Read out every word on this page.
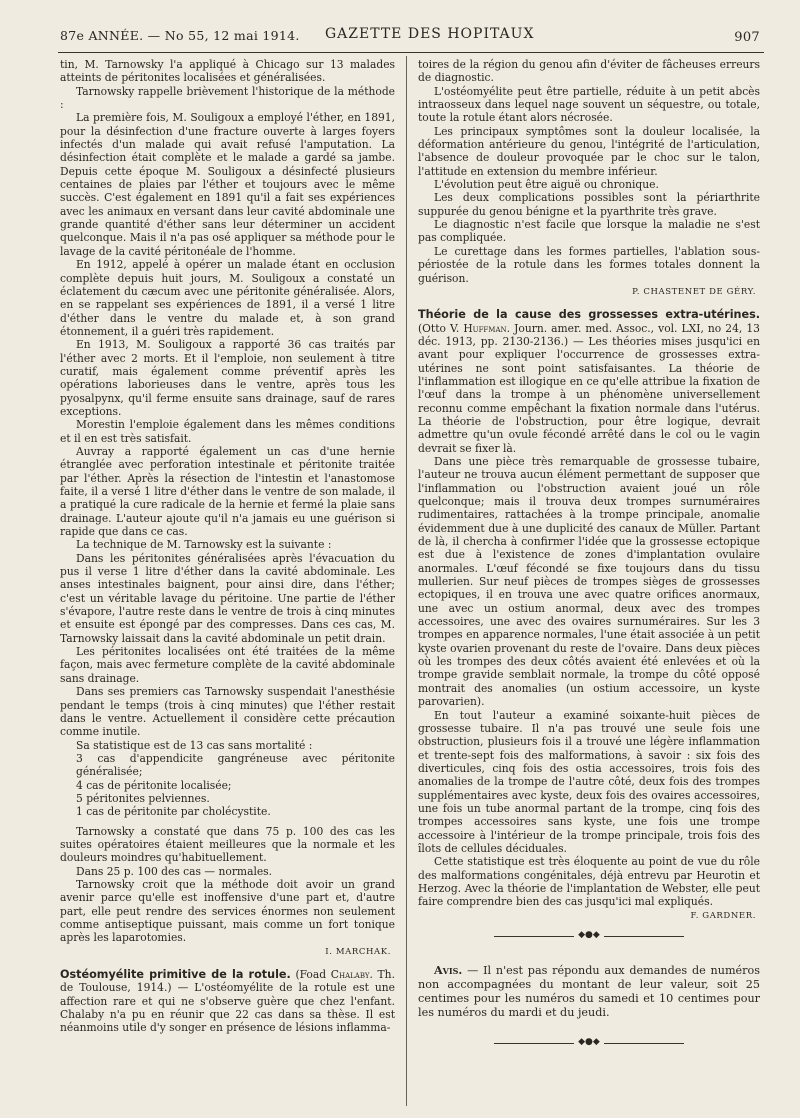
87e ANNÉE. — No 55, 12 mai 1914. GAZETTE DES HOPITAUX	907

tin, M. Tarnowsky l'a appliqué à Chicago sur 13 malades atteints de péritonites localisées et généralisées.

Tarnowsky rappelle brièvement l'historique de la méthode :

La première fois, M. Souligoux a employé l'éther, en 1891, pour la désinfection d'une fracture ouverte à larges foyers infectés d'un malade qui avait refusé l'amputation. La désinfection était complète et le malade a gardé sa jambe. Depuis cette époque M. Souligoux a désinfecté plusieurs centaines de plaies par l'éther et toujours avec le même succès. C'est également en 1891 qu'il a fait ses expériences avec les animaux en versant dans leur cavité abdominale une grande quantité d'éther sans leur déterminer un accident quelconque. Mais il n'a pas osé appliquer sa méthode pour le lavage de la cavité péritonéale de l'homme.

En 1912, appelé à opérer un malade étant en occlusion complète depuis huit jours, M. Souligoux a constaté un éclatement du cæcum avec une péritonite généralisée. Alors, en se rappelant ses expériences de 1891, il a versé 1 litre d'éther dans le ventre du malade et, à son grand étonnement, il a guéri très rapidement.

En 1913, M. Souligoux a rapporté 36 cas traités par l'éther avec 2 morts. Et il l'emploie, non seulement à titre curatif, mais également comme préventif après les opérations laborieuses dans le ventre, après tous les pyosalpynx, qu'il ferme ensuite sans drainage, sauf de rares exceptions.

Morestin l'emploie également dans les mêmes conditions et il en est très satisfait.

Auvray a rapporté également un cas d'une hernie étranglée avec perforation intestinale et péritonite traitée par l'éther. Après la résection de l'intestin et l'anastomose faite, il a versé 1 litre d'éther dans le ventre de son malade, il a pratiqué la cure radicale de la hernie et fermé la plaie sans drainage. L'auteur ajoute qu'il n'a jamais eu une guérison si rapide que dans ce cas.

La technique de M. Tarnowsky est la suivante :

Dans les péritonites généralisées après l'évacuation du pus il verse 1 litre d'éther dans la cavité abdominale. Les anses intestinales baignent, pour ainsi dire, dans l'éther; c'est un véritable lavage du péritoine. Une partie de l'éther s'évapore, l'autre reste dans le ventre de trois à cinq minutes et ensuite est épongé par des compresses. Dans ces cas, M. Tarnowsky laissait dans la cavité abdominale un petit drain.

Les péritonites localisées ont été traitées de la même façon, mais avec fermeture complète de la cavité abdominale sans drainage.

Dans ses premiers cas Tarnowsky suspendait l'anesthésie pendant le temps (trois à cinq minutes) que l'éther restait dans le ventre. Actuellement il considère cette précaution comme inutile.

Sa statistique est de 13 cas sans mortalité :

3 cas d'appendicite gangréneuse avec péritonite généralisée;

4 cas de péritonite localisée;

5 péritonites pelviennes.

1 cas de péritonite par cholécystite.

Tarnowsky a constaté que dans 75 p. 100 des cas les suites opératoires étaient meilleures que la normale et les douleurs moindres qu'habituellement.

Dans 25 p. 100 des cas — normales.

Tarnowsky croit que la méthode doit avoir un grand avenir parce qu'elle est inoffensive d'une part et, d'autre part, elle peut rendre des services énormes non seulement comme antiseptique puissant, mais comme un fort tonique après les laparotomies.

I. MARCHAK.

Ostéomyélite primitive de la rotule. (Foad Chalaby. Th. de Toulouse, 1914.) — L'ostéomyélite de la rotule est une affection rare et qui ne s'observe guère que chez l'enfant. Chalaby n'a pu en réunir que 22 cas dans sa thèse. Il est néanmoins utile d'y songer en présence de lésions inflamma-

toires de la région du genou afin d'éviter de fâcheuses erreurs de diagnostic.

L'ostéomyélite peut être partielle, réduite à un petit abcès intraosseux dans lequel nage souvent un séquestre, ou totale, toute la rotule étant alors nécrosée.

Les principaux symptômes sont la douleur localisée, la déformation antérieure du genou, l'intégrité de l'articulation, l'absence de douleur provoquée par le choc sur le talon, l'attitude en extension du membre inférieur.

L'évolution peut être aiguë ou chronique.

Les deux complications possibles sont la périarthrite suppurée du genou bénigne et la pyarthrite très grave.

Le diagnostic n'est facile que lorsque la maladie ne s'est pas compliquée.

Le curettage dans les formes partielles, l'ablation sous-périostée de la rotule dans les formes totales donnent la guérison.

P. CHASTENET DE GÉRY.

Théorie de la cause des grossesses extra-utérines. (Otto V. Huffman. Journ. amer. med. Assoc., vol. LXI, no 24, 13 déc. 1913, pp. 2130-2136.) — Les théories mises jusqu'ici en avant pour expliquer l'occurrence de grossesses extra-utérines ne sont point satisfaisantes. La théorie de l'inflammation est illogique en ce qu'elle attribue la fixation de l'œuf dans la trompe à un phénomène universellement reconnu comme empêchant la fixation normale dans l'utérus. La théorie de l'obstruction, pour être logique, devrait admettre qu'un ovule fécondé arrêté dans le col ou le vagin devrait se fixer là.

Dans une pièce très remarquable de grossesse tubaire, l'auteur ne trouva aucun élément permettant de supposer que l'inflammation ou l'obstruction avaient joué un rôle quelconque; mais il trouva deux trompes surnuméraires rudimentaires, rattachées à la trompe principale, anomalie évidemment due à une duplicité des canaux de Müller. Partant de là, il chercha à confirmer l'idée que la grossesse ectopique est due à l'existence de zones d'implantation ovulaire anormales. L'œuf fécondé se fixe toujours dans du tissu mullerien. Sur neuf pièces de trompes sièges de grossesses ectopiques, il en trouva une avec quatre orifices anormaux, une avec un ostium anormal, deux avec des trompes accessoires, une avec des ovaires surnuméraires. Sur les 3 trompes en apparence normales, l'une était associée à un petit kyste ovarien provenant du reste de l'ovaire. Dans deux pièces où les trompes des deux côtés avaient été enlevées et où la trompe gravide semblait normale, la trompe du côté opposé montrait des anomalies (un ostium accessoire, un kyste parovarien).

En tout l'auteur a examiné soixante-huit pièces de grossesse tubaire. Il n'a pas trouvé une seule fois une obstruction, plusieurs fois il a trouvé une légère inflammation et trente-sept fois des malformations, à savoir : six fois des diverticules, cinq fois des ostia accessoires, trois fois des anomalies de la trompe de l'autre côté, deux fois des trompes supplémentaires avec kyste, deux fois des ovaires accessoires, une fois un tube anormal partant de la trompe, cinq fois des trompes accessoires sans kyste, une fois une trompe accessoire à l'intérieur de la trompe principale, trois fois des îlots de cellules déciduales.

Cette statistique est très éloquente au point de vue du rôle des malformations congénitales, déjà entrevu par Heurotin et Herzog. Avec la théorie de l'implantation de Webster, elle peut faire comprendre bien des cas jusqu'ici mal expliqués.

F. GARDNER.
◆●◆

Avis. — Il n'est pas répondu aux demandes de numéros non accompagnées du montant de leur valeur, soit 25 centimes pour les numéros du samedi et 10 centimes pour les numéros du mardi et du jeudi.

◆●◆
